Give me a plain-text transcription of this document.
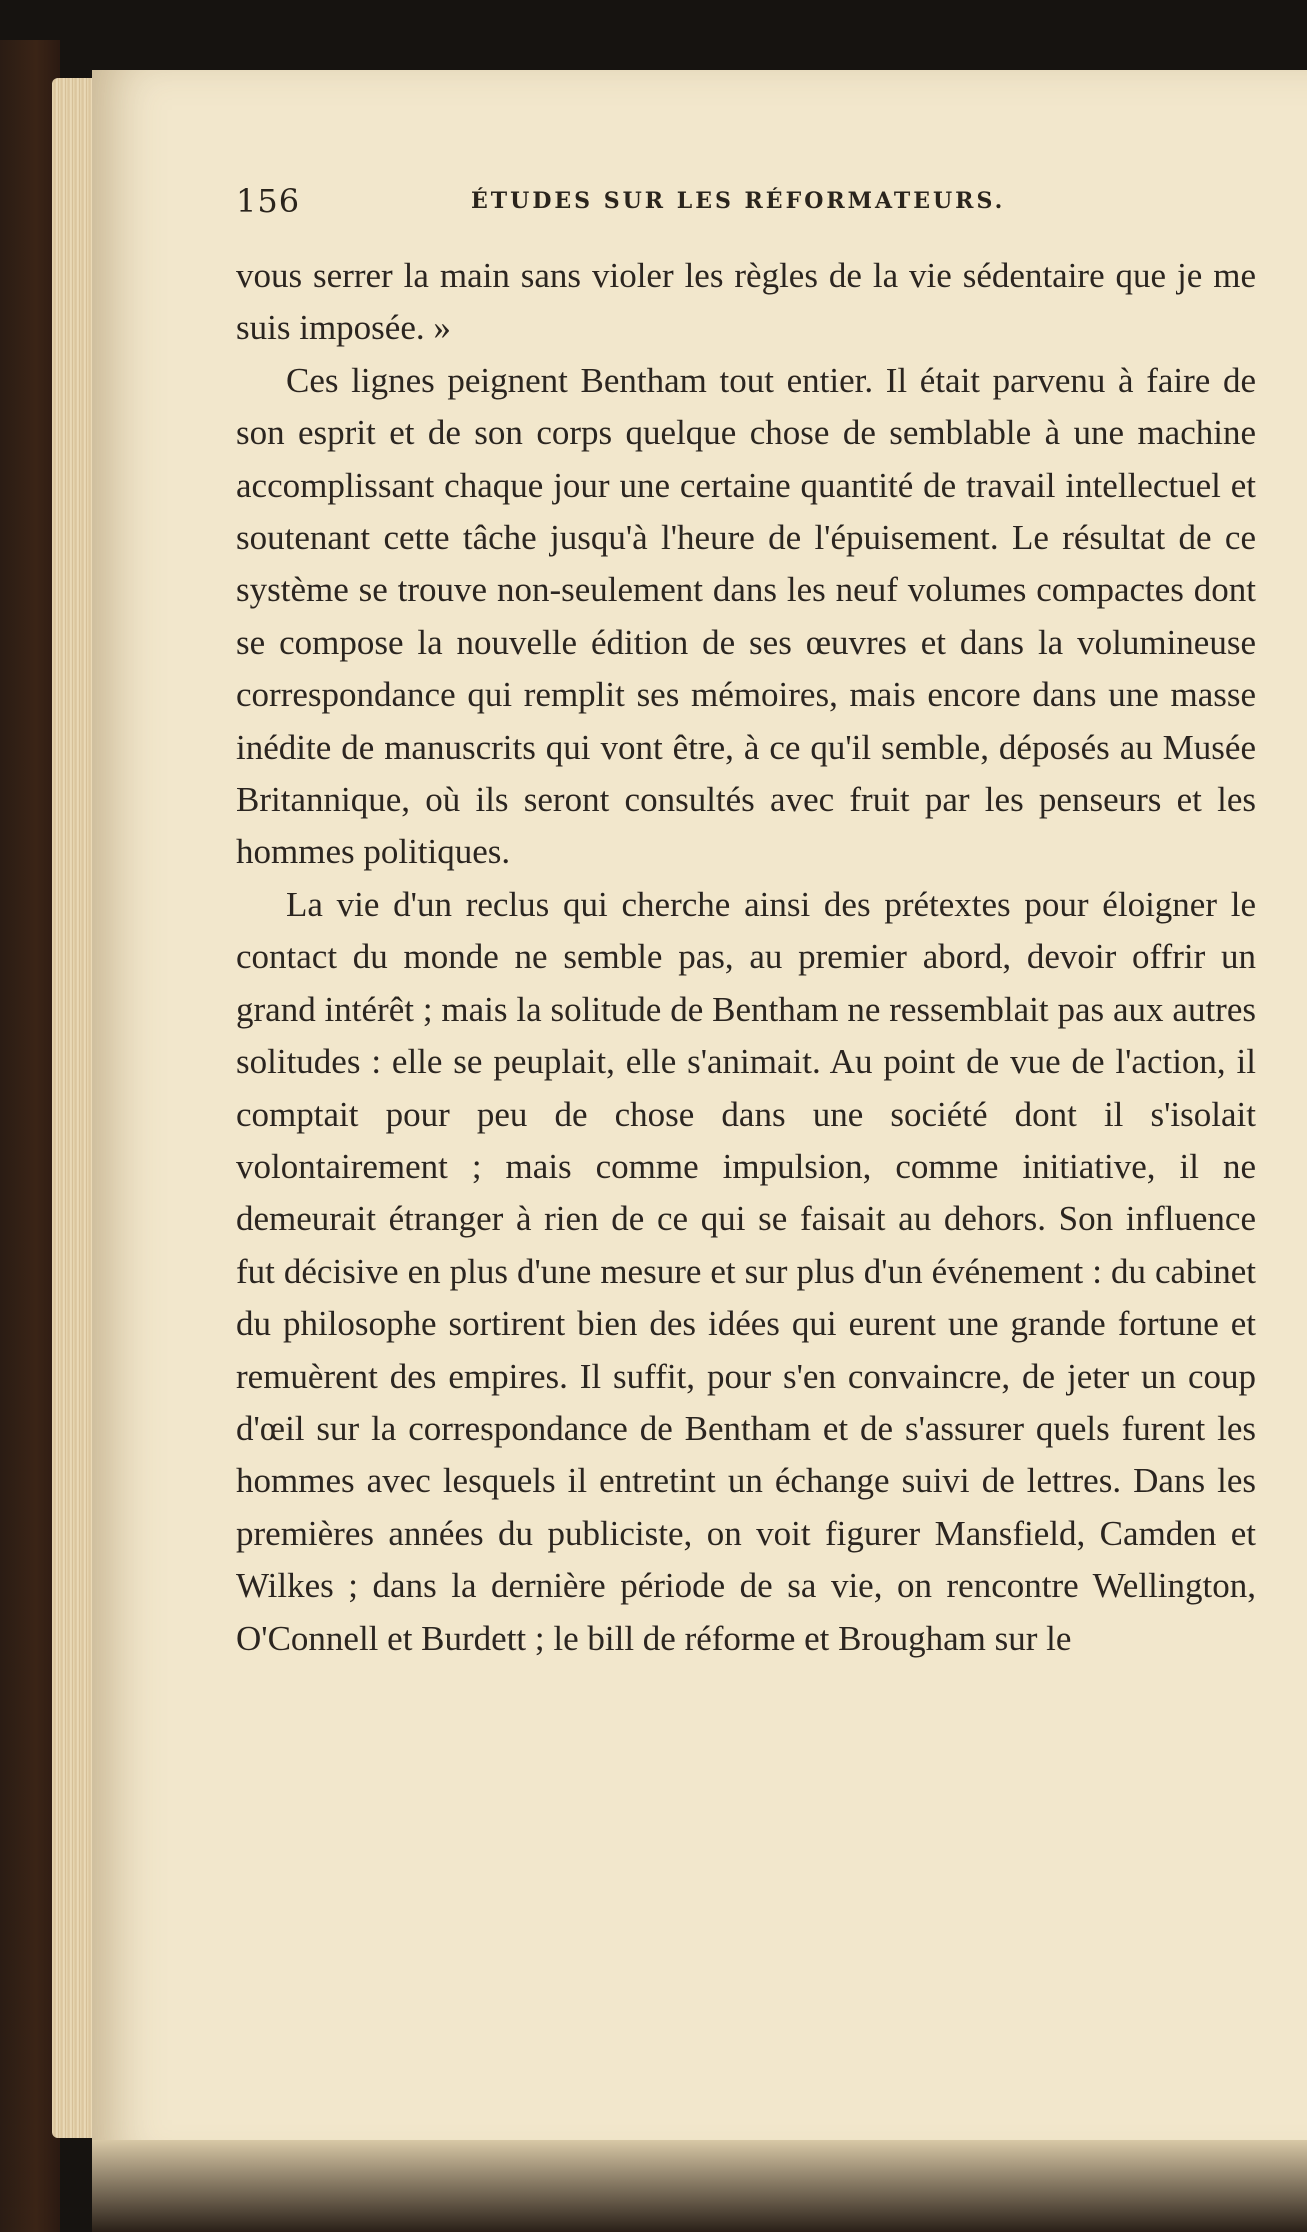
156	ÉTUDES SUR LES RÉFORMATEURS.

vous serrer la main sans violer les règles de la vie sédentaire que je me suis imposée. »

Ces lignes peignent Bentham tout entier. Il était parvenu à faire de son esprit et de son corps quelque chose de semblable à une machine accomplissant chaque jour une certaine quantité de travail intellectuel et soutenant cette tâche jusqu'à l'heure de l'épuisement. Le résultat de ce système se trouve non-seulement dans les neuf volumes compactes dont se compose la nouvelle édition de ses œuvres et dans la volumineuse correspondance qui remplit ses mémoires, mais encore dans une masse inédite de manuscrits qui vont être, à ce qu'il semble, déposés au Musée Britannique, où ils seront consultés avec fruit par les penseurs et les hommes politiques.

La vie d'un reclus qui cherche ainsi des prétextes pour éloigner le contact du monde ne semble pas, au premier abord, devoir offrir un grand intérêt ; mais la solitude de Bentham ne ressemblait pas aux autres solitudes : elle se peuplait, elle s'animait. Au point de vue de l'action, il comptait pour peu de chose dans une société dont il s'isolait volontairement ; mais comme impulsion, comme initiative, il ne demeurait étranger à rien de ce qui se faisait au dehors. Son influence fut décisive en plus d'une mesure et sur plus d'un événement : du cabinet du philosophe sortirent bien des idées qui eurent une grande fortune et remuèrent des empires. Il suffit, pour s'en convaincre, de jeter un coup d'œil sur la correspondance de Bentham et de s'assurer quels furent les hommes avec lesquels il entretint un échange suivi de lettres. Dans les premières années du publiciste, on voit figurer Mansfield, Camden et Wilkes ; dans la dernière période de sa vie, on rencontre Wellington, O'Connell et Burdett ; le bill de réforme et Brougham sur le
